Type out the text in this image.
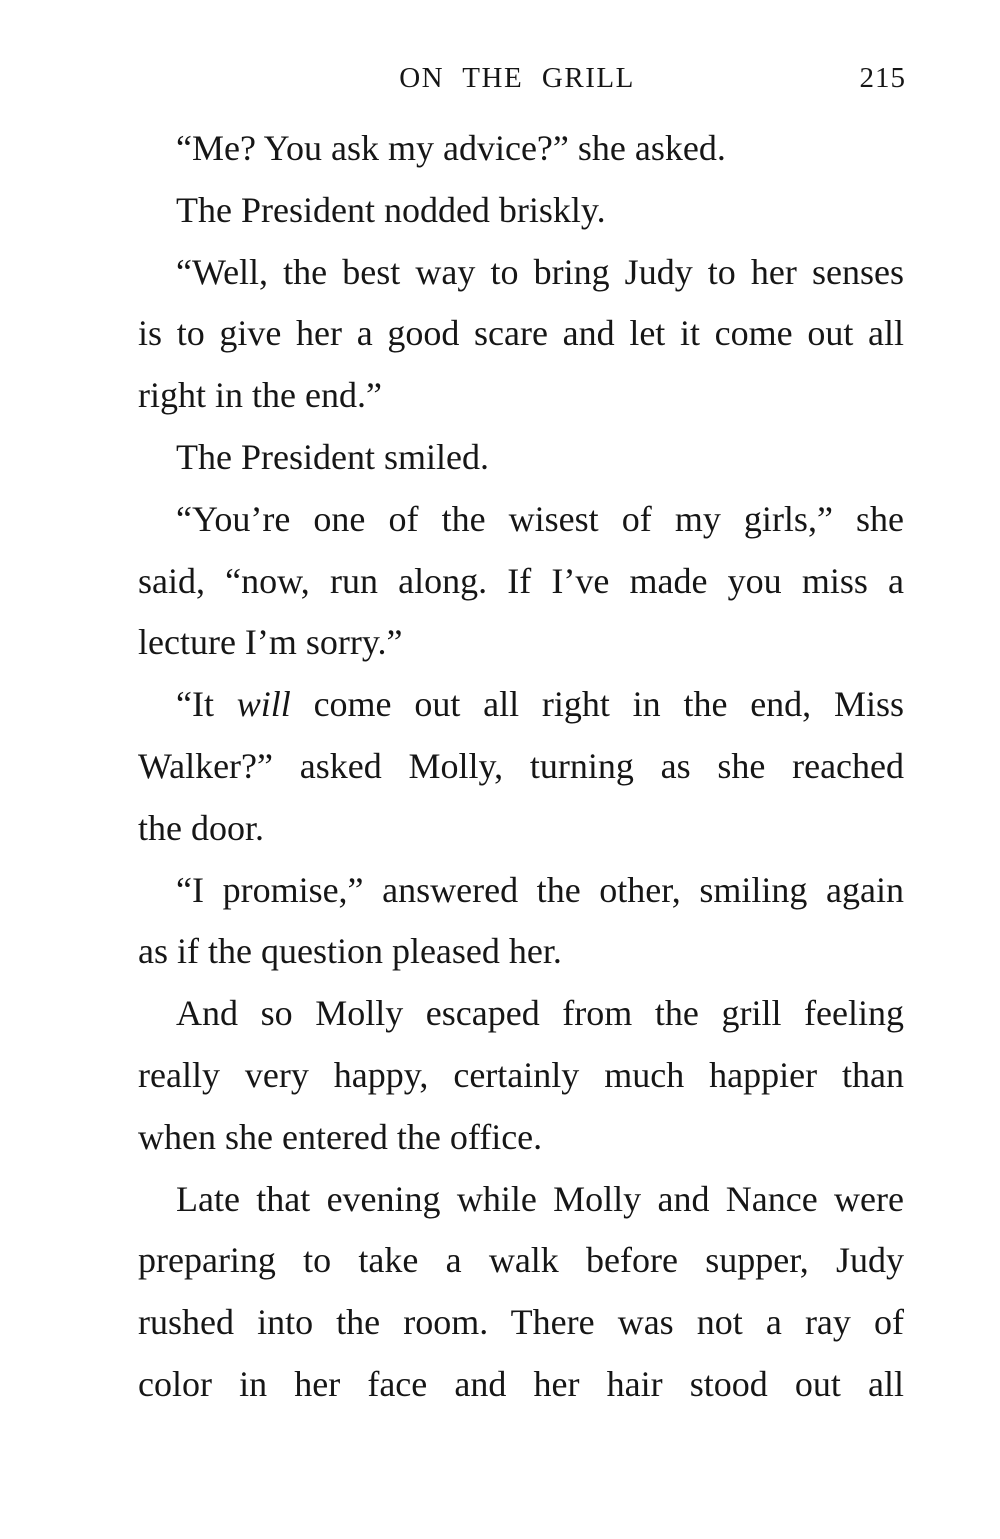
ON THE GRILL	215
“Me? You ask my advice?” she asked.
The President nodded briskly.
“Well, the best way to bring Judy to her senses
is to give her a good scare and let it come out all
right in the end.”
The President smiled.
“You’re one of the wisest of my girls,” she
said, “now, run along. If I’ve made you miss a
lecture I’m sorry.”
“It will come out all right in the end, Miss
Walker?” asked Molly, turning as she reached
the door.
“I promise,” answered the other, smiling again
as if the question pleased her.
And so Molly escaped from the grill feeling
really very happy, certainly much happier than
when she entered the office.
Late that evening while Molly and Nance were
preparing to take a walk before supper, Judy
rushed into the room. There was not a ray of
color in her face and her hair stood out all
